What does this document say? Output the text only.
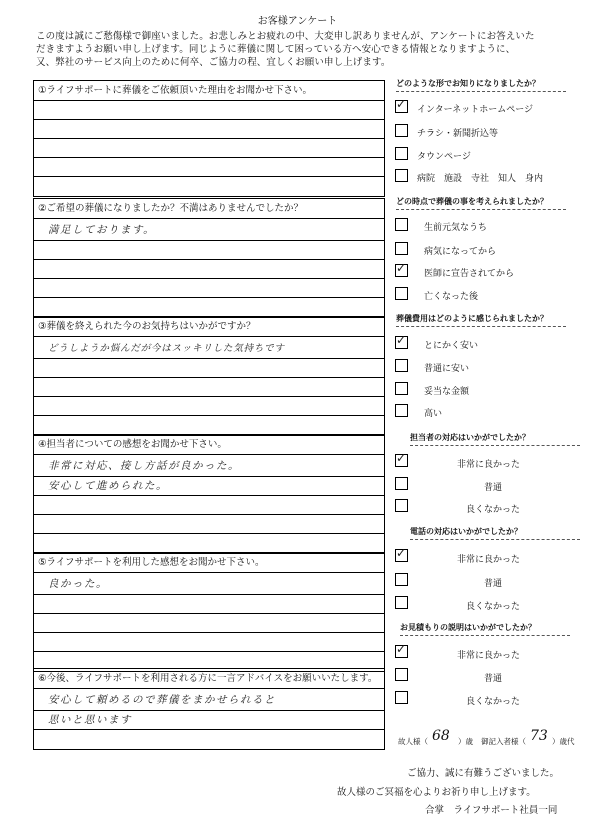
お客様アンケート
この度は誠にご愁傷様で御座いました。お悲しみとお疲れの中、大変申し訳ありませんが、アンケートにお答えいた
だきますようお願い申し上げます。同じように葬儀に関して困っている方へ安心できる情報となりますように、
又、弊社のサービス向上のために何卒、ご協力の程、宜しくお願い申し上げます。
①ライフサポートに葬儀をご依頼頂いた理由をお聞かせ下さい。
②ご希望の葬儀になりましたか？不満はありませんでしたか？
満足しております。
③葬儀を終えられた今のお気持ちはいかがですか？
どうしようか悩んだが今はスッキリした気持ちです
④担当者についての感想をお聞かせ下さい。
非常に対応、接し方話が良かった。
安心して進められた。
⑤ライフサポートを利用した感想をお聞かせ下さい。
良かった。
⑥今後、ライフサポートを利用される方に一言アドバイスをお願いいたします。
安心して頼めるので葬儀をまかせられると
思いと思います
どのような形でお知りになりましたか？
✓ インターネットホームページ
チラシ・新聞折込等
タウンページ
病院　施設　寺社　知人　身内
どの時点で葬儀の事を考えられましたか？
生前元気なうち
病気になってから
✓ 医師に宣告されてから
亡くなった後
葬儀費用はどのように感じられましたか？
✓ とにかく安い
普通に安い
妥当な金額
高い
担当者の対応はいかがでしたか？
✓	非常に良かった
普通
良くなかった
電話の対応はいかがでしたか？
✓	非常に良かった
普通
良くなかった
お見積もりの説明はいかがでしたか？
✓	非常に良かった
普通
良くなかった
故人様（ 68 ）歳 御記入者様（ 73 ）歳代
ご協力、誠に有難うございました。
故人様のご冥福を心よりお祈り申し上げます。
合掌　ライフサポート社員一同
